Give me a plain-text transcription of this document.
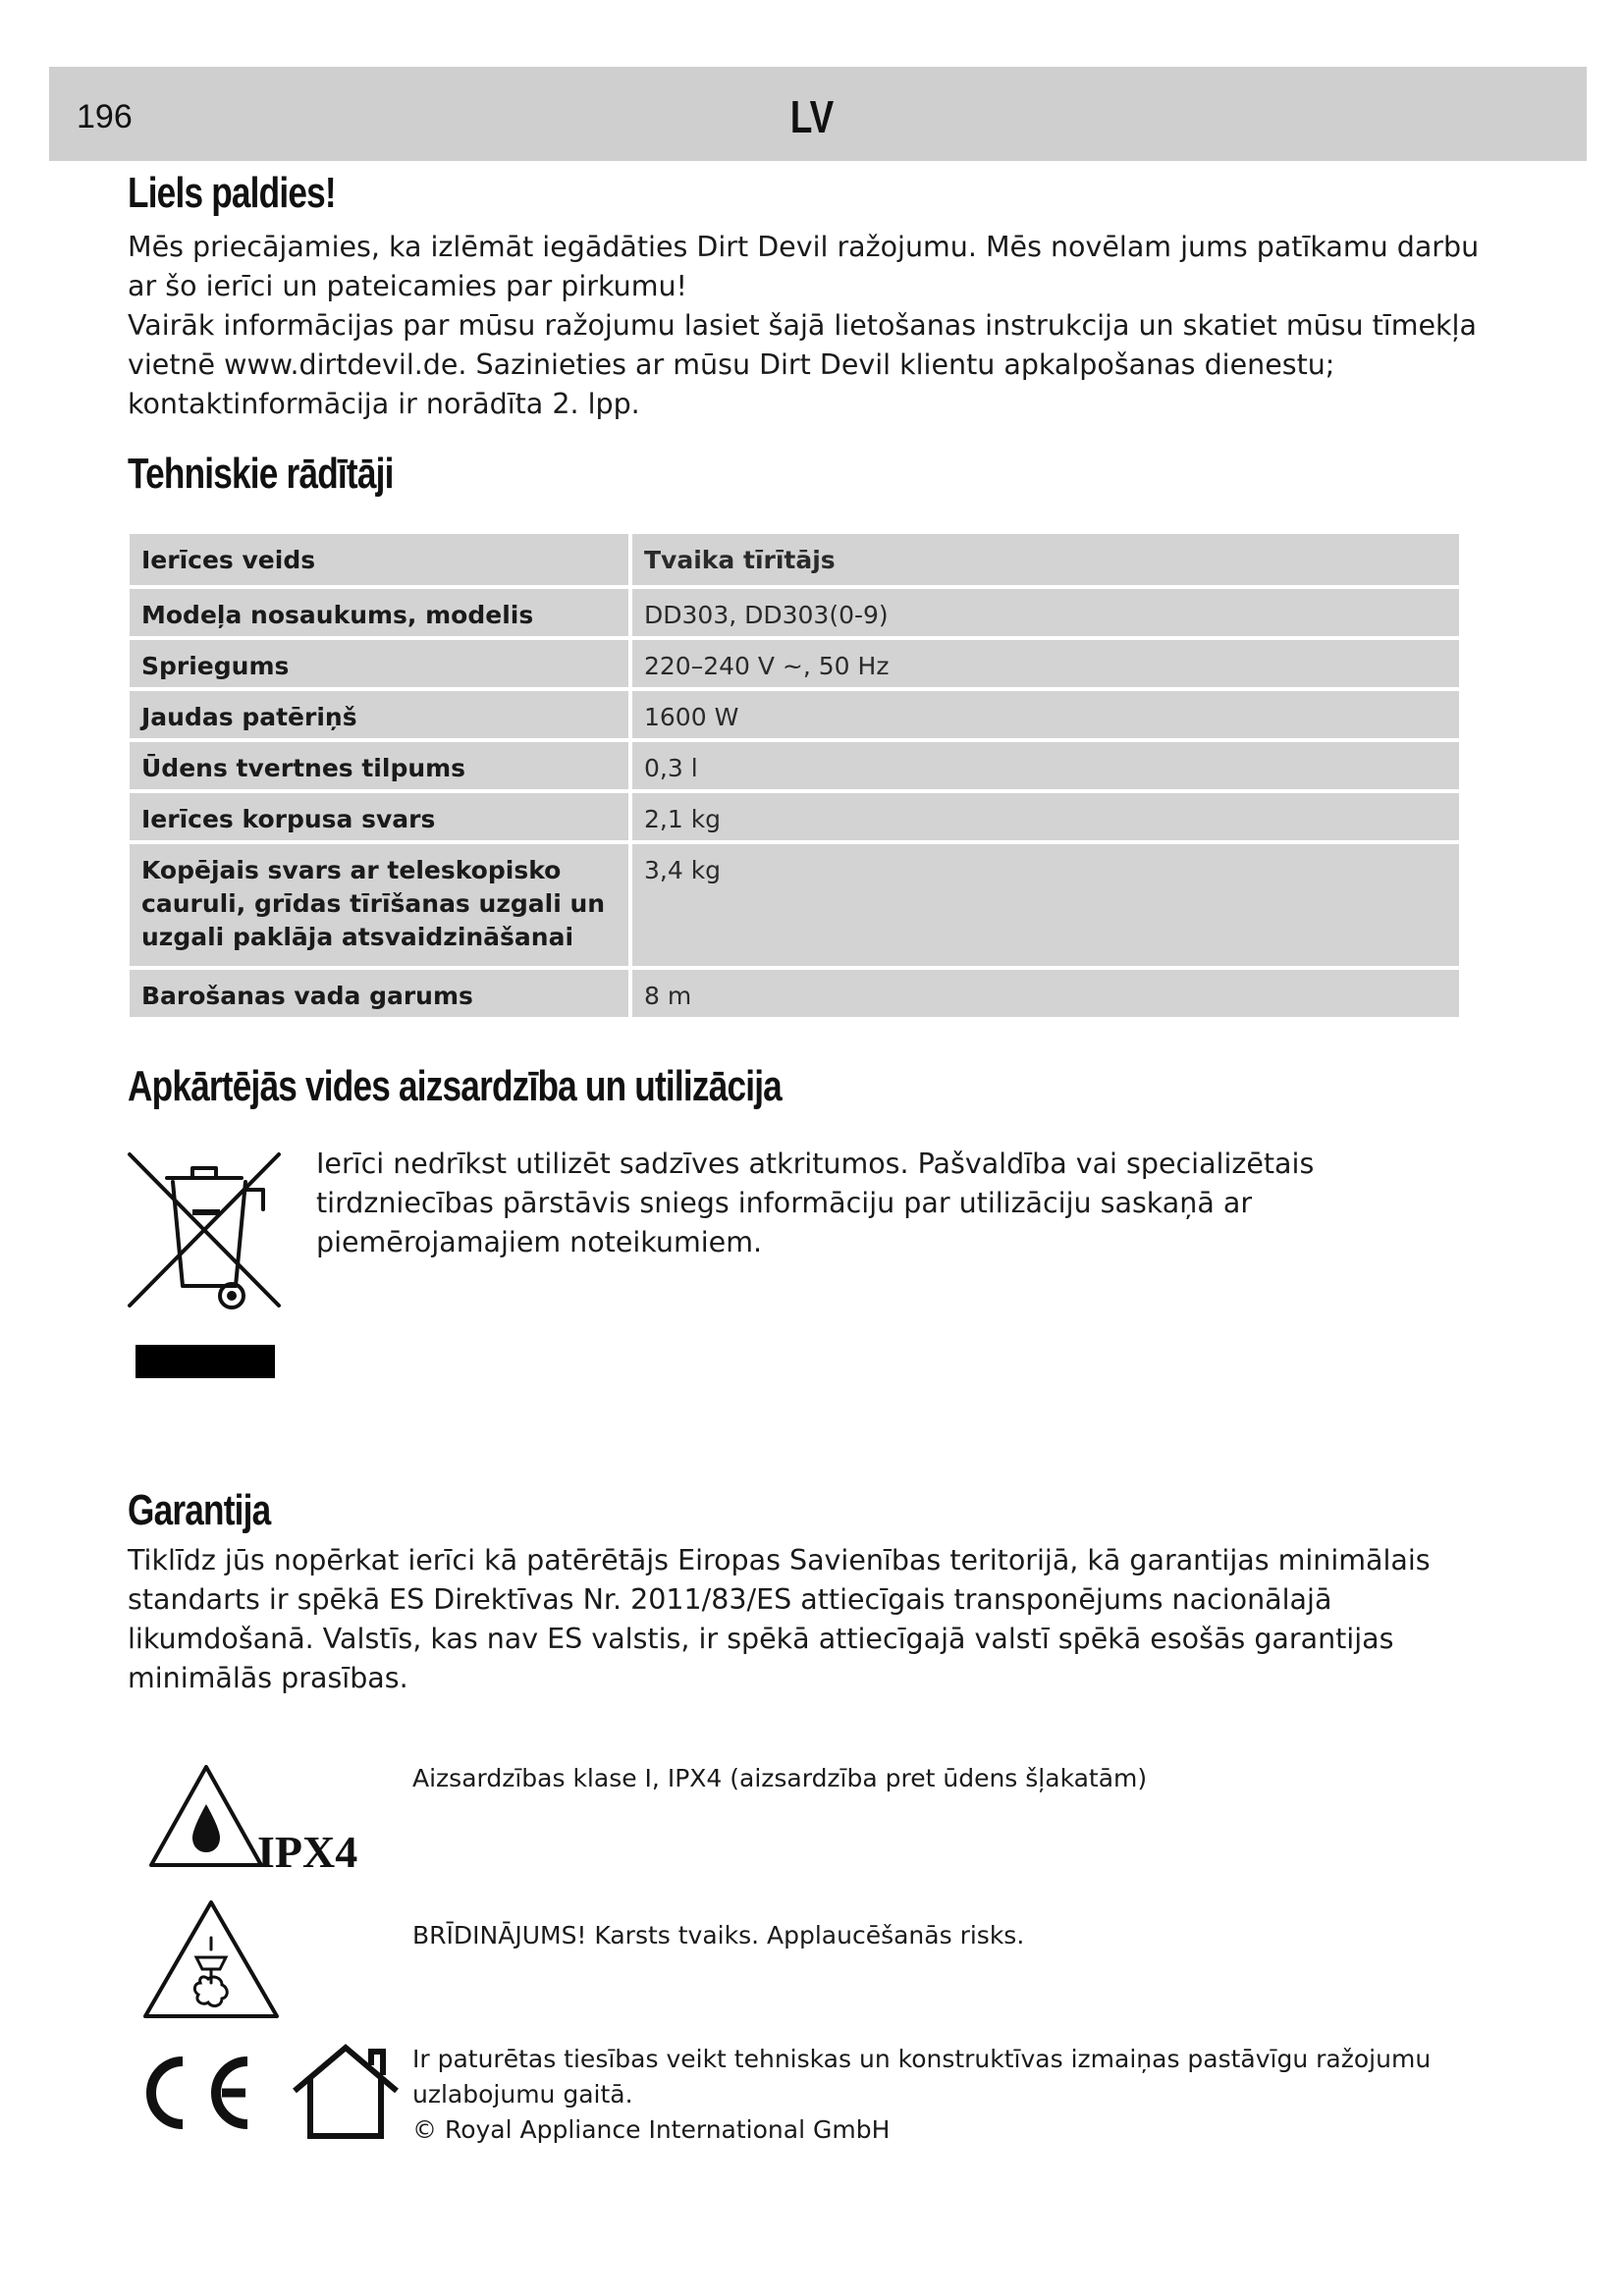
196	LV
Liels paldies!

Mēs priecājamies, ka izlēmāt iegādāties Dirt Devil ražojumu. Mēs novēlam jums patīkamu darbu ar šo ierīci un pateicamies par pirkumu!

Vairāk informācijas par mūsu ražojumu lasiet šajā lietošanas instrukcija un skatiet mūsu tīmekļa vietnē www.dirtdevil.de. Sazinieties ar mūsu Dirt Devil klientu apkalpošanas dienestu; kontaktinformācija ir norādīta 2. lpp.

Tehniskie rādītāji
Ierīces veids	Tvaika tīrītājs
Modeļa nosaukums, modelis	DD303, DD303(0-9)
Spriegums	220–240 V ~, 50 Hz
Jaudas patēriņš	1600 W
Ūdens tvertnes tilpums	0,3 l
Ierīces korpusa svars	2,1 kg
Kopējais svars ar teleskopisko cauruli, grīdas tīrīšanas uzgali un uzgali paklāja atsvaidzināšanai	3,4 kg
Barošanas vada garums	8 m
Apkārtējās vides aizsardzība un utilizācija
Ierīci nedrīkst utilizēt sadzīves atkritumos. Pašvaldība vai specializētais tirdzniecības pārstāvis sniegs informāciju par utilizāciju saskaņā ar piemērojamajiem noteikumiem.
Garantija
Tiklīdz jūs nopērkat ierīci kā patērētājs Eiropas Savienības teritorijā, kā garantijas minimālais standarts ir spēkā ES Direktīvas Nr. 2011/83/ES attiecīgais transponējums nacionālajā likumdošanā. Valstīs, kas nav ES valstis, ir spēkā attiecīgajā valstī spēkā esošās garantijas minimālās prasības.
IPX4
Aizsardzības klase I, IPX4 (aizsardzība pret ūdens šļakatām)
BRĪDINĀJUMS! Karsts tvaiks. Applaucēšanās risks.
Ir paturētas tiesības veikt tehniskas un konstruktīvas izmaiņas pastāvīgu ražojumu uzlabojumu gaitā.
© Royal Appliance International GmbH
